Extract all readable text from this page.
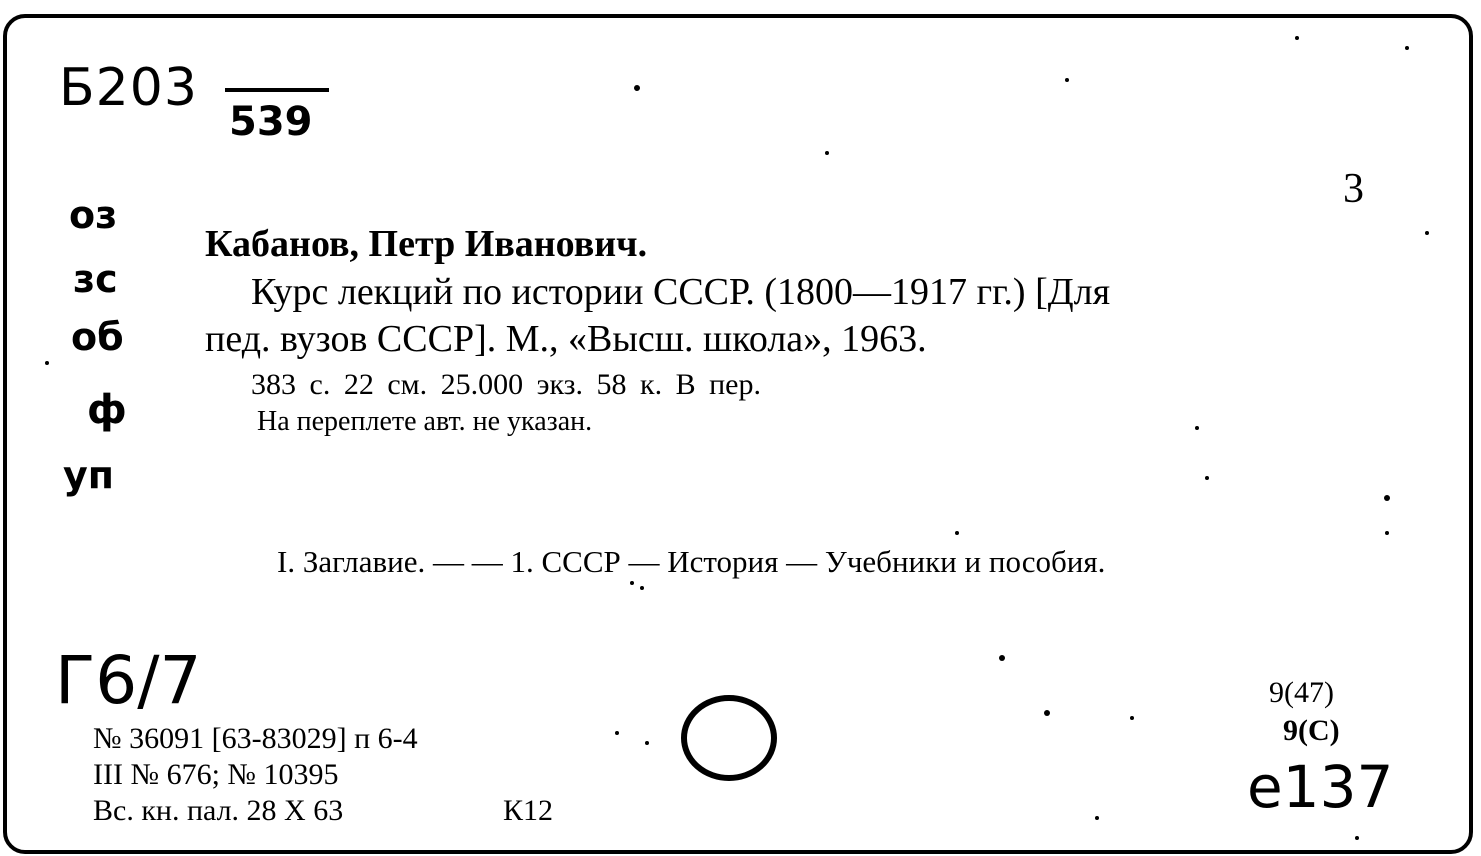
Б203
539
3
оз
зс
об
ф
уп
Кабанов, Петр Иванович.
Курс лекций по истории СССР. (1800—1917 гг.) [Для
пед. вузов СССР]. М., «Высш. школа», 1963.
383 с. 22 см. 25.000 экз. 58 к. В пер.
На переплете авт. не указан.
I. Заглавие. — — 1. СССР — История — Учебники и пособия.
Г6/7	9(47)
9(С)
е137
№ 36091 [63-83029] п 6-4
III № 676; № 10395
Вс. кн. пал. 28 X 63	К12
